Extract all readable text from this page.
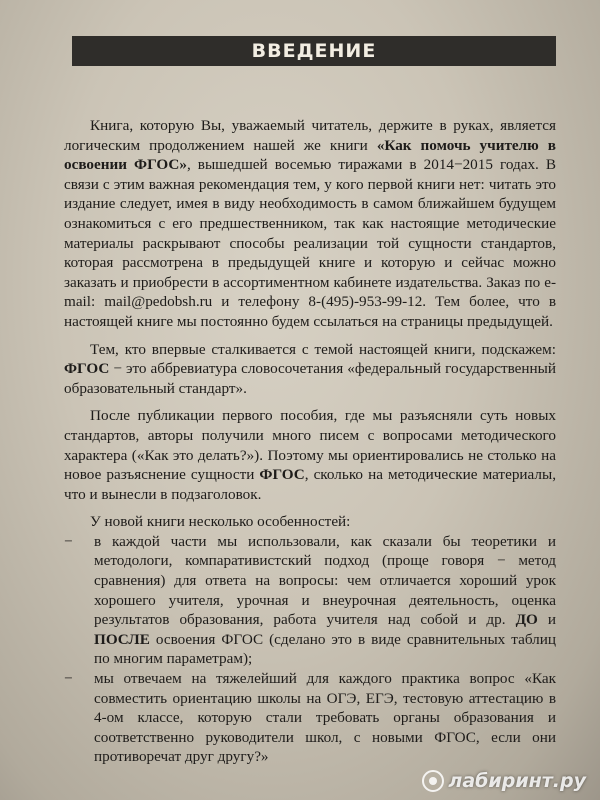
ВВЕДЕНИЕ

Книга, которую Вы, уважаемый читатель, держите в руках, является логическим продолжением нашей же книги «Как помочь учителю в освоении ФГОС», вышедшей восемью тиражами в 2014−2015 годах. В связи с этим важная рекомендация тем, у кого первой книги нет: читать это издание следует, имея в виду необходимость в самом ближайшем будущем ознакомиться с его предшественником, так как настоящие методические материалы раскрывают способы реализации той сущности стандартов, которая рассмотрена в предыдущей книге и которую и сейчас можно заказать и приобрести в ассортиментном кабинете издательства. Заказ по e-mail: mail@pedobsh.ru и телефону 8-(495)-953-99-12. Тем более, что в настоящей книге мы постоянно будем ссылаться на страницы предыдущей.

Тем, кто впервые сталкивается с темой настоящей книги, подскажем: ФГОС − это аббревиатура словосочетания «федеральный государственный образовательный стандарт».

После публикации первого пособия, где мы разъясняли суть новых стандартов, авторы получили много писем с вопросами методического характера («Как это делать?»). Поэтому мы ориентировались не столько на новое разъяснение сущности ФГОС, сколько на методические материалы, что и вынесли в подзаголовок.

У новой книги несколько особенностей:

− в каждой части мы использовали, как сказали бы теоретики и методологи, компаративистский подход (проще говоря − метод сравнения) для ответа на вопросы: чем отличается хороший урок хорошего учителя, урочная и внеурочная деятельность, оценка результатов образования, работа учителя над собой и др. ДО и ПОСЛЕ освоения ФГОС (сделано это в виде сравнительных таблиц по многим параметрам);
− мы отвечаем на тяжелейший для каждого практика вопрос «Как совместить ориентацию школы на ОГЭ, ЕГЭ, тестовую аттестацию в 4-ом классе, которую стали требовать органы образования и соответственно руководители школ, с новыми ФГОС, если они противоречат друг другу?»
лабиринт.ру
